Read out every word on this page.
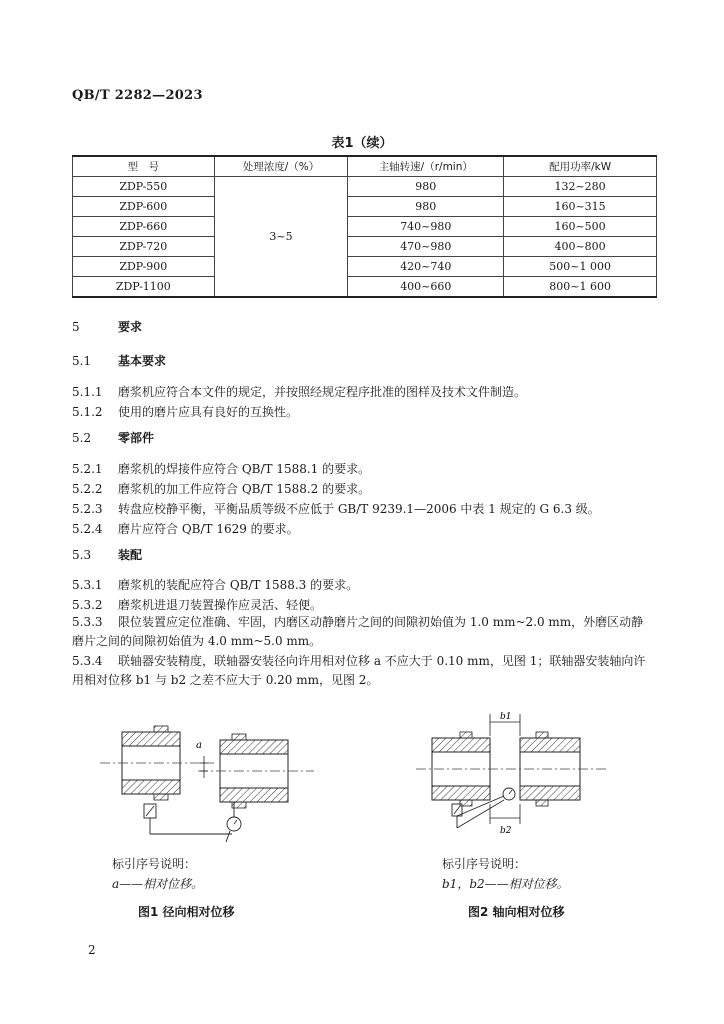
QB/T 2282—2023
表1（续）
型　号	处理浓度/（%）	主轴转速/（r/min）	配用功率/kW
ZDP-550	3~5	980	132~280
ZDP-600		980	160~315
ZDP-660		740~980	160~500
ZDP-720		470~980	400~800
ZDP-900		420~740	500~1 000
ZDP-1100		400~660	800~1 600
5	要求
5.1 基本要求
5.1.1 磨浆机应符合本文件的规定，并按照经规定程序批准的图样及技术文件制造。
5.1.2 使用的磨片应具有良好的互换性。
5.2 零部件
5.2.1 磨浆机的焊接件应符合 QB/T 1588.1 的要求。
5.2.2 磨浆机的加工件应符合 QB/T 1588.2 的要求。
5.2.3 转盘应校静平衡，平衡品质等级不应低于 GB/T 9239.1—2006 中表 1 规定的 G 6.3 级。
5.2.4 磨片应符合 QB/T 1629 的要求。
5.3 装配
5.3.1 磨浆机的装配应符合 QB/T 1588.3 的要求。
5.3.2 磨浆机进退刀装置操作应灵活、轻便。
5.3.3 限位装置应定位准确、牢固，内磨区动静磨片之间的间隙初始值为 1.0 mm~2.0 mm，外磨区动静磨片之间的间隙初始值为 4.0 mm~5.0 mm。
5.3.4 联轴器安装精度，联轴器安装径向许用相对位移 a 不应大于 0.10 mm，见图 1；联轴器安装轴向许用相对位移 b1 与 b2 之差不应大于 0.20 mm，见图 2。
a
标引序号说明：
a——相对位移。
图1 径向相对位移
b1
b2
标引序号说明：
b1，b2——相对位移。
图2 轴向相对位移
2
